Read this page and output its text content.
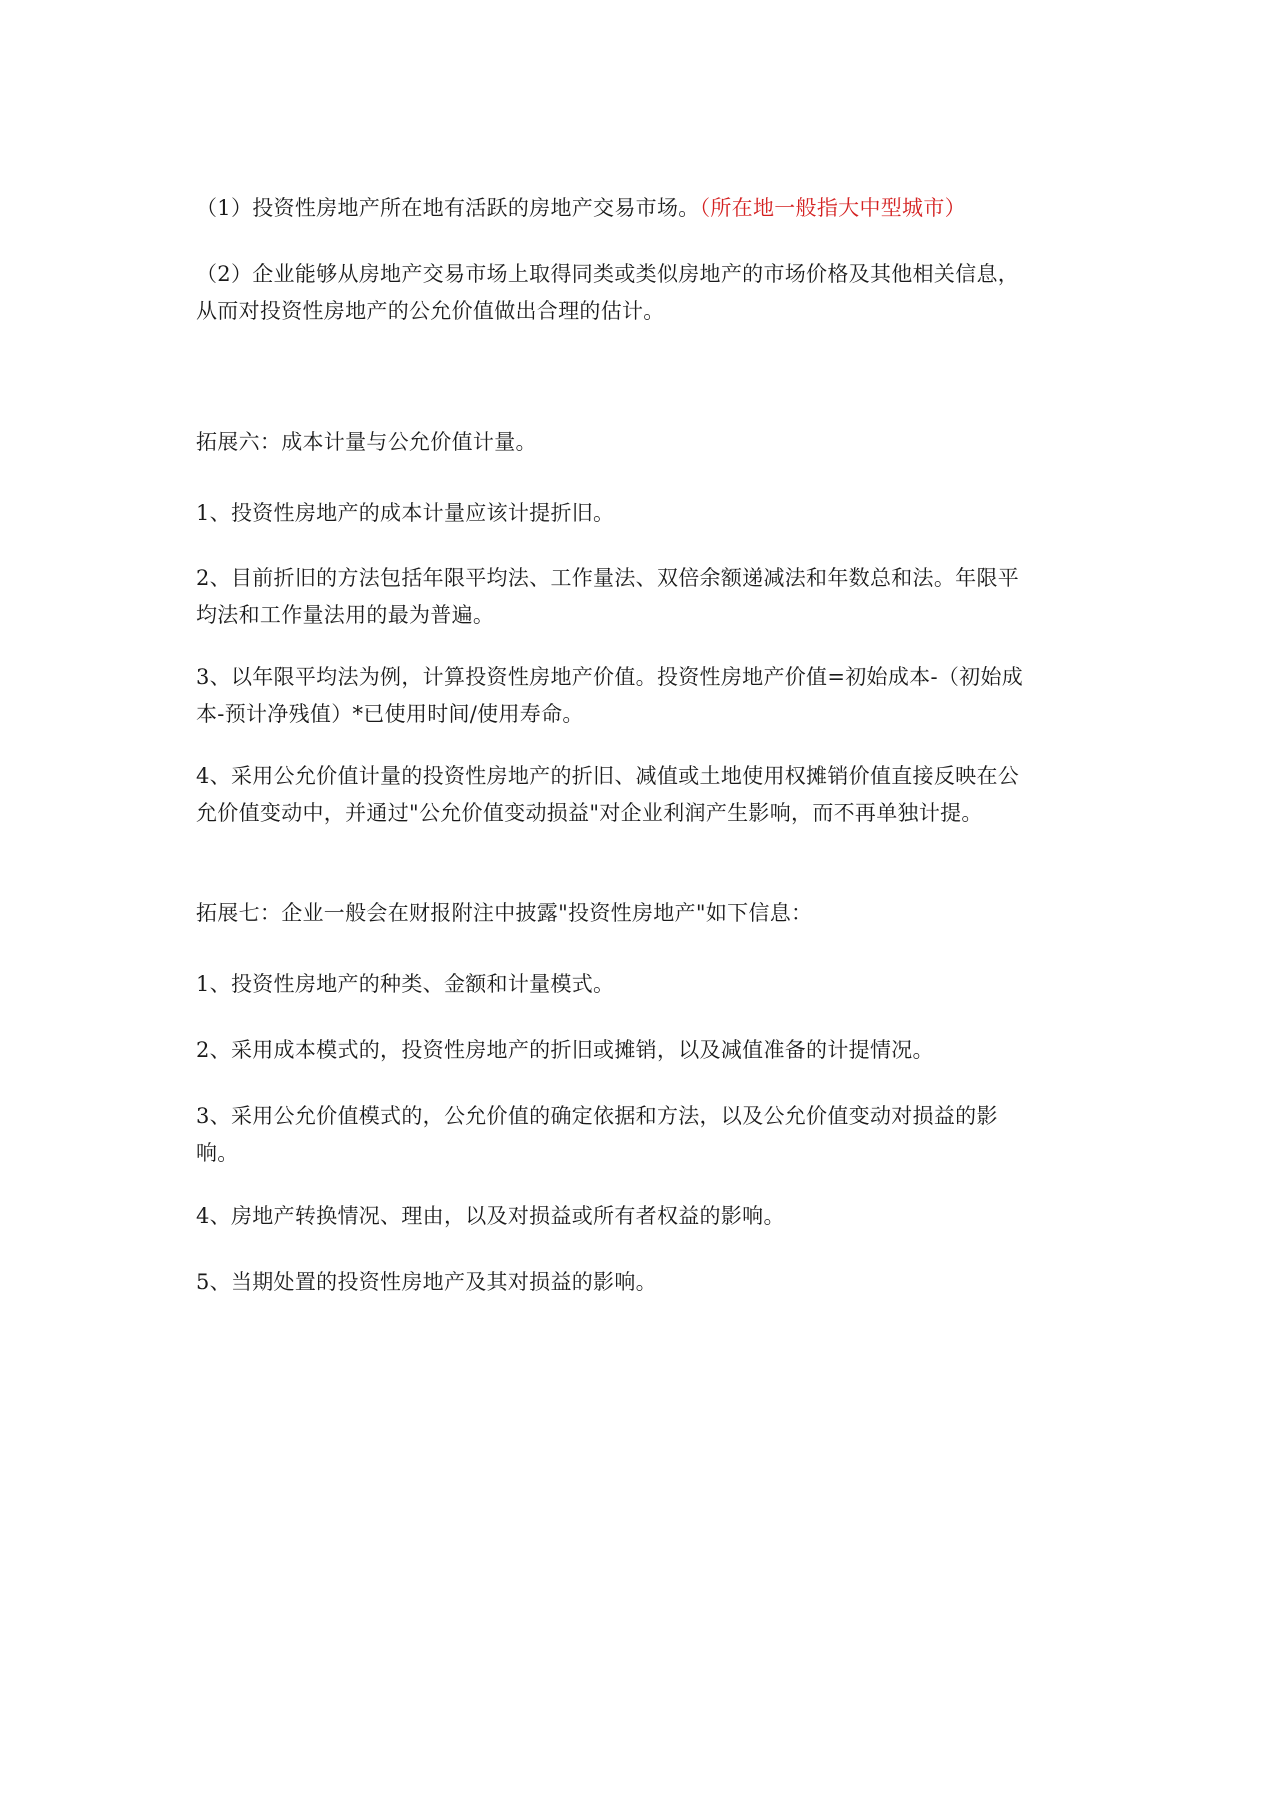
（1）投资性房地产所在地有活跃的房地产交易市场。（所在地一般指大中型城市）

（2）企业能够从房地产交易市场上取得同类或类似房地产的市场价格及其他相关信息，
从而对投资性房地产的公允价值做出合理的估计。

拓展六：成本计量与公允价值计量。

1、投资性房地产的成本计量应该计提折旧。

2、目前折旧的方法包括年限平均法、工作量法、双倍余额递减法和年数总和法。年限平
均法和工作量法用的最为普遍。

3、以年限平均法为例，计算投资性房地产价值。投资性房地产价值=初始成本-（初始成
本-预计净残值）*已使用时间/使用寿命。

4、采用公允价值计量的投资性房地产的折旧、减值或土地使用权摊销价值直接反映在公
允价值变动中，并通过"公允价值变动损益"对企业利润产生影响，而不再单独计提。

拓展七：企业一般会在财报附注中披露"投资性房地产"如下信息：

1、投资性房地产的种类、金额和计量模式。

2、采用成本模式的，投资性房地产的折旧或摊销，以及减值准备的计提情况。

3、采用公允价值模式的，公允价值的确定依据和方法，以及公允价值变动对损益的影
响。

4、房地产转换情况、理由，以及对损益或所有者权益的影响。

5、当期处置的投资性房地产及其对损益的影响。
